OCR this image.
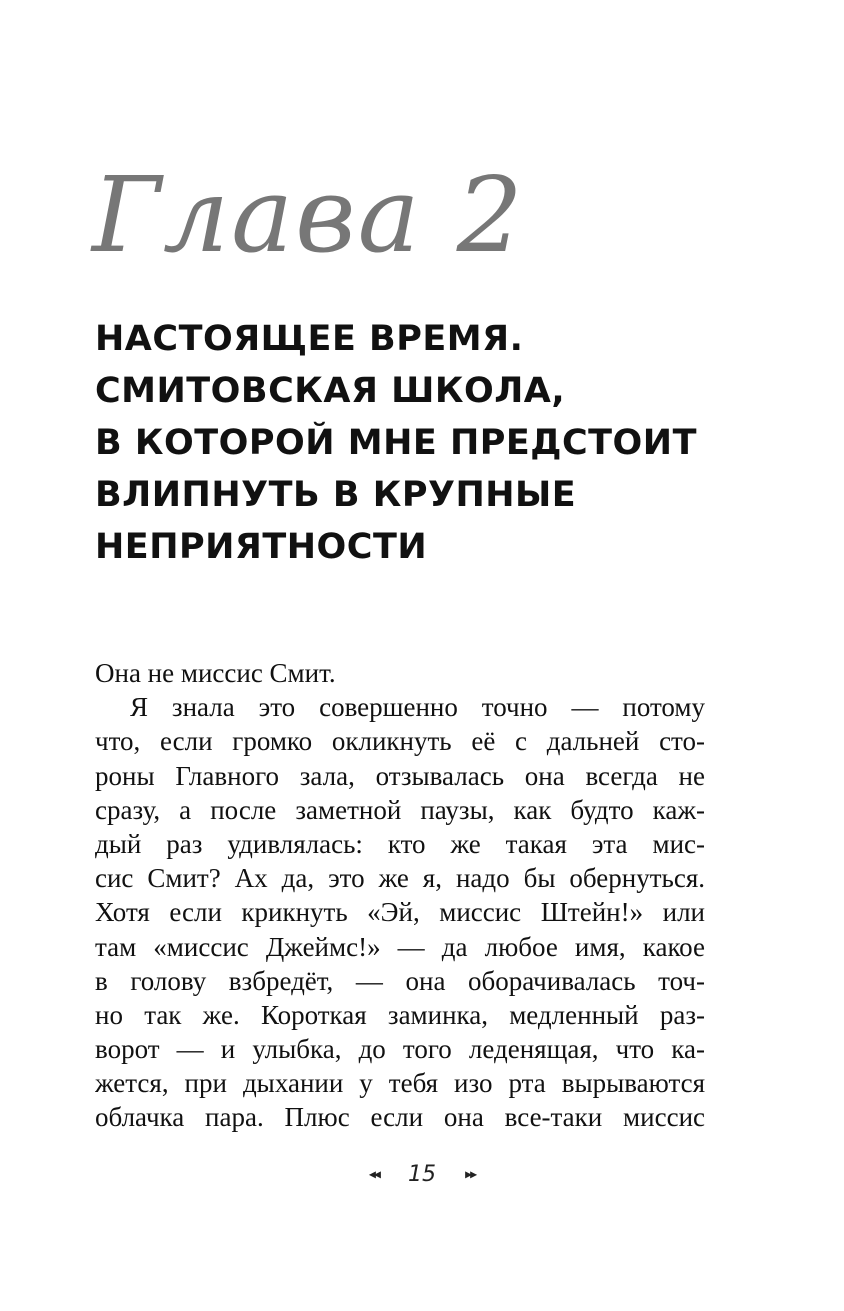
Глава 2
НАСТОЯЩЕЕ ВРЕМЯ.
СМИТОВСКАЯ ШКОЛА,
В КОТОРОЙ МНЕ ПРЕДСТОИТ
ВЛИПНУТЬ В КРУПНЫЕ
НЕПРИЯТНОСТИ
Она не миссис Смит.
Я знала это совершенно точно — потому
что, если громко окликнуть её с дальней сто-
роны Главного зала, отзывалась она всегда не
сразу, а после заметной паузы, как будто каж-
дый раз удивлялась: кто же такая эта мис-
сис Смит? Ах да, это же я, надо бы обернуться.
Хотя если крикнуть «Эй, миссис Штейн!» или
там «миссис Джеймс!» — да любое имя, какое
в голову взбредёт, — она оборачивалась точ-
но так же. Короткая заминка, медленный раз-
ворот — и улыбка, до того леденящая, что ка-
жется, при дыхании у тебя изо рта вырываются
облачка пара. Плюс если она все-таки миссис
◂◂ 15 ▸▸
